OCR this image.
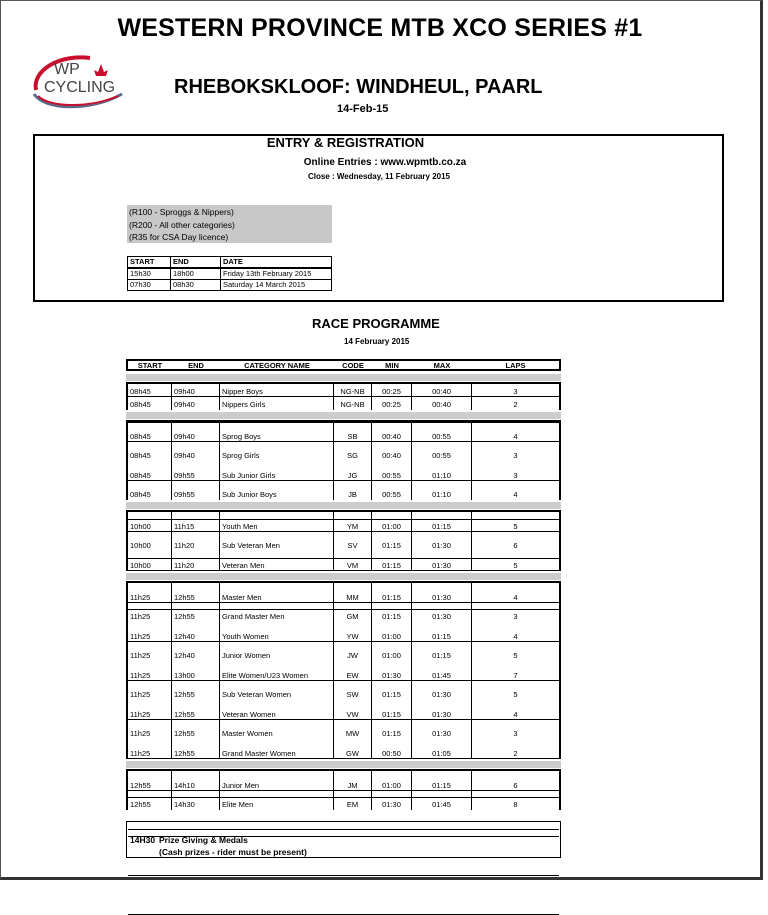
WP
CYCLING
WESTERN PROVINCE MTB XCO SERIES #1
RHEBOKSKLOOF: WINDHEUL, PAARL
14-Feb-15
ENTRY & REGISTRATION
Online Entries : www.wpmtb.co.za
Close : Wednesday, 11 February 2015
(R100 - Sproggs & Nippers)
(R200 - All other categories)
(R35 for CSA Day licence)
START	END	DATE
15h30	18h00	Friday 13th February 2015
07h30	08h30	Saturday 14 March 2015
RACE PROGRAMME
14 February 2015
START	END	CATEGORY NAME	CODE	MIN	MAX	LAPS
08h45	09h40	Nipper Boys	NG-NB	00:25	00:40	3
08h45	09h40	Nippers Girls	NG-NB	00:25	00:40	2
08h45	09h40	Sprog Boys	SB	00:40	00:55	4
08h45	09h40	Sprog Girls	SG	00:40	00:55	3
08h45	09h55	Sub Junior Girls	JG	00:55	01:10	3
08h45	09h55	Sub Junior Boys	JB	00:55	01:10	4
10h00	11h15	Youth Men	YM	01:00	01:15	5
10h00	11h20	Sub Veteran Men	SV	01:15	01:30	6
10h00	11h20	Veteran Men	VM	01:15	01:30	5
11h25	12h55	Master Men	MM	01:15	01:30	4
11h25	12h55	Grand Master Men	GM	01:15	01:30	3
11h25	12h40	Youth Women	YW	01:00	01:15	4
11h25	12h40	Junior Women	JW	01:00	01:15	5
11h25	13h00	Elite Women/U23 Women	EW	01:30	01:45	7
11h25	12h55	Sub Veteran Women	SW	01:15	01:30	5
11h25	12h55	Veteran Women	VW	01:15	01:30	4
11h25	12h55	Master Women	MW	01:15	01:30	3
11h25	12h55	Grand Master Women	GW	00:50	01:05	2
12h55	14h10	Junior Men	JM	01:00	01:15	6
12h55	14h30	Elite Men	EM	01:30	01:45	8
14H30 Prize Giving & Medals
(Cash prizes - rider must be present)
